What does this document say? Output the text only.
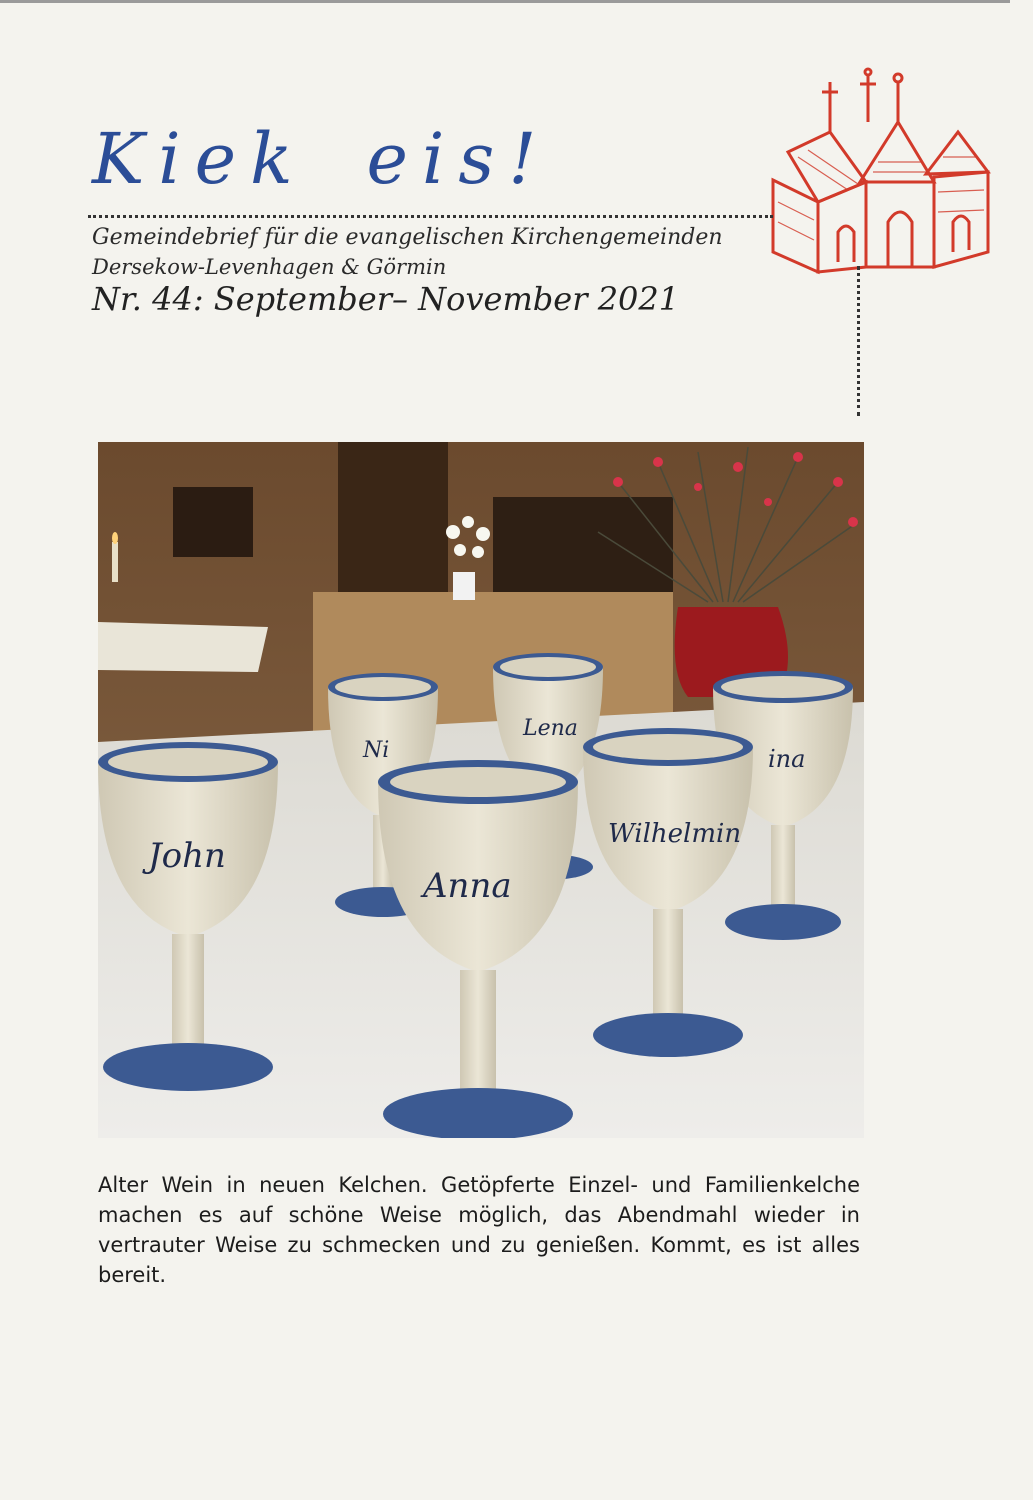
Kiek eis!
Gemeindebrief für die evangelischen Kirchengemeinden
Dersekow-Levenhagen & Görmin
Nr. 44: September– November 2021
Ni
Lena
ina
John
Anna
Wilhelmin

Alter Wein in neuen Kelchen. Getöpferte Einzel- und Familienkelche machen es auf schöne Weise möglich, das Abendmahl wieder in vertrauter Weise zu schmecken und zu genießen. Kommt, es ist alles bereit.
